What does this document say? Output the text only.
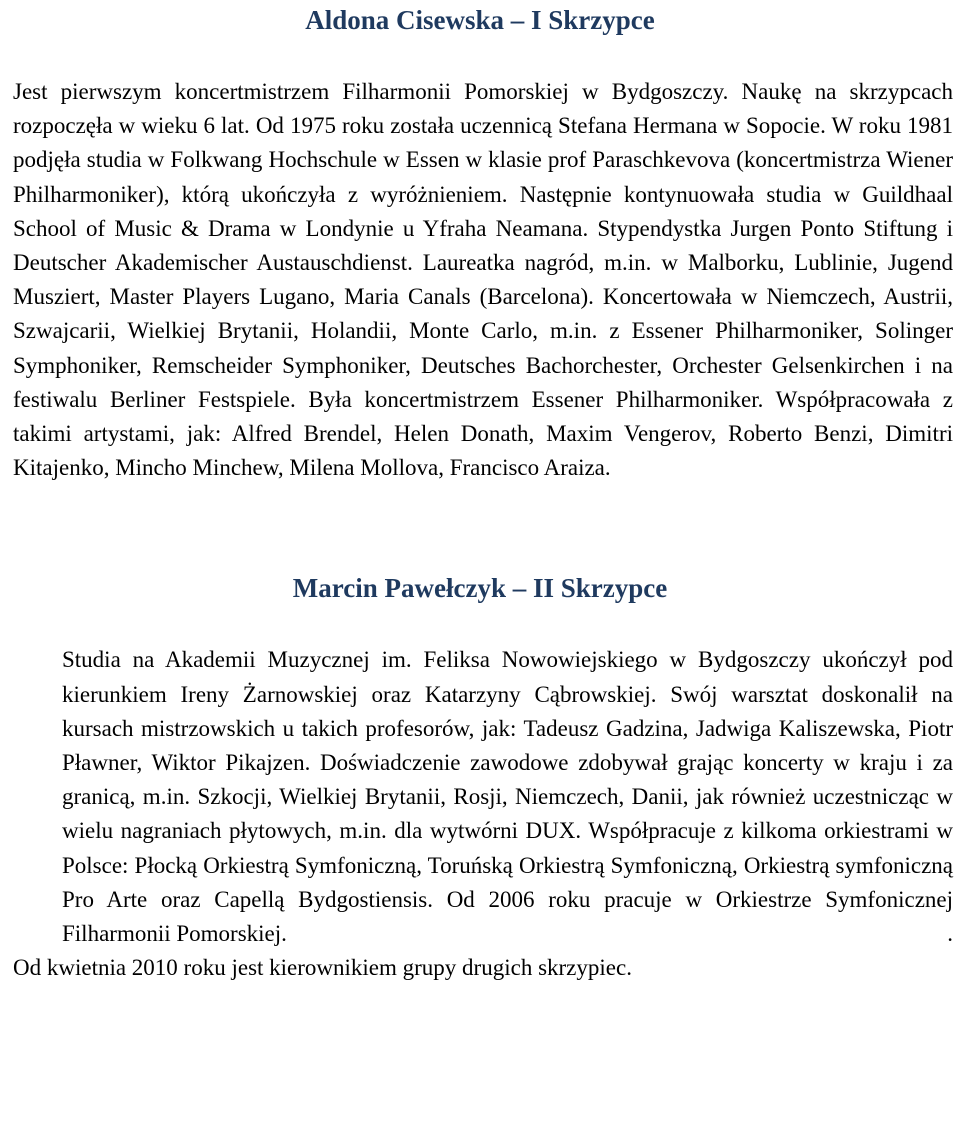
Aldona Cisewska – I Skrzypce

Jest pierwszym koncertmistrzem Filharmonii Pomorskiej w Bydgoszczy. Naukę na skrzypcach rozpoczęła w wieku 6 lat. Od 1975 roku została uczennicą Stefana Hermana w Sopocie. W roku 1981 podjęła studia w Folkwang Hochschule w Essen w klasie prof Paraschkevova (koncertmistrza Wiener Philharmoniker), którą ukończyła z wyróżnieniem. Następnie kontynuowała studia w Guildhaal School of Music & Drama w Londynie u Yfraha Neamana. Stypendystka Jurgen Ponto Stiftung i Deutscher Akademischer Austauschdienst. Laureatka nagród, m.in. w Malborku, Lublinie, Jugend Musziert, Master Players Lugano, Maria Canals (Barcelona). Koncertowała w Niemczech, Austrii, Szwajcarii, Wielkiej Brytanii, Holandii, Monte Carlo, m.in. z Essener Philharmoniker, Solinger Symphoniker, Remscheider Symphoniker, Deutsches Bachorchester, Orchester Gelsenkirchen i na festiwalu Berliner Festspiele. Była koncertmistrzem Essener Philharmoniker. Współpracowała z takimi artystami, jak: Alfred Brendel, Helen Donath, Maxim Vengerov, Roberto Benzi, Dimitri Kitajenko, Mincho Minchew, Milena Mollova, Francisco Araiza.

Marcin Pawełczyk – II Skrzypce

Studia na Akademii Muzycznej im. Feliksa Nowowiejskiego w Bydgoszczy ukończył pod kierunkiem Ireny Żarnowskiej oraz Katarzyny Cąbrowskiej. Swój warsztat doskonalił na kursach mistrzowskich u takich profesorów, jak: Tadeusz Gadzina, Jadwiga Kaliszewska, Piotr Pławner, Wiktor Pikajzen. Doświadczenie zawodowe zdobywał grając koncerty w kraju i za granicą, m.in. Szkocji, Wielkiej Brytanii, Rosji, Niemczech, Danii, jak również uczestnicząc w wielu nagraniach płytowych, m.in. dla wytwórni DUX. Współpracuje z kilkoma orkiestrami w Polsce: Płocką Orkiestrą Symfoniczną, Toruńską Orkiestrą Symfoniczną, Orkiestrą symfoniczną Pro Arte oraz Capellą Bydgostiensis. Od 2006 roku pracuje w Orkiestrze Symfonicznej Filharmonii Pomorskiej.	.

Od kwietnia 2010 roku jest kierownikiem grupy drugich skrzypiec.
